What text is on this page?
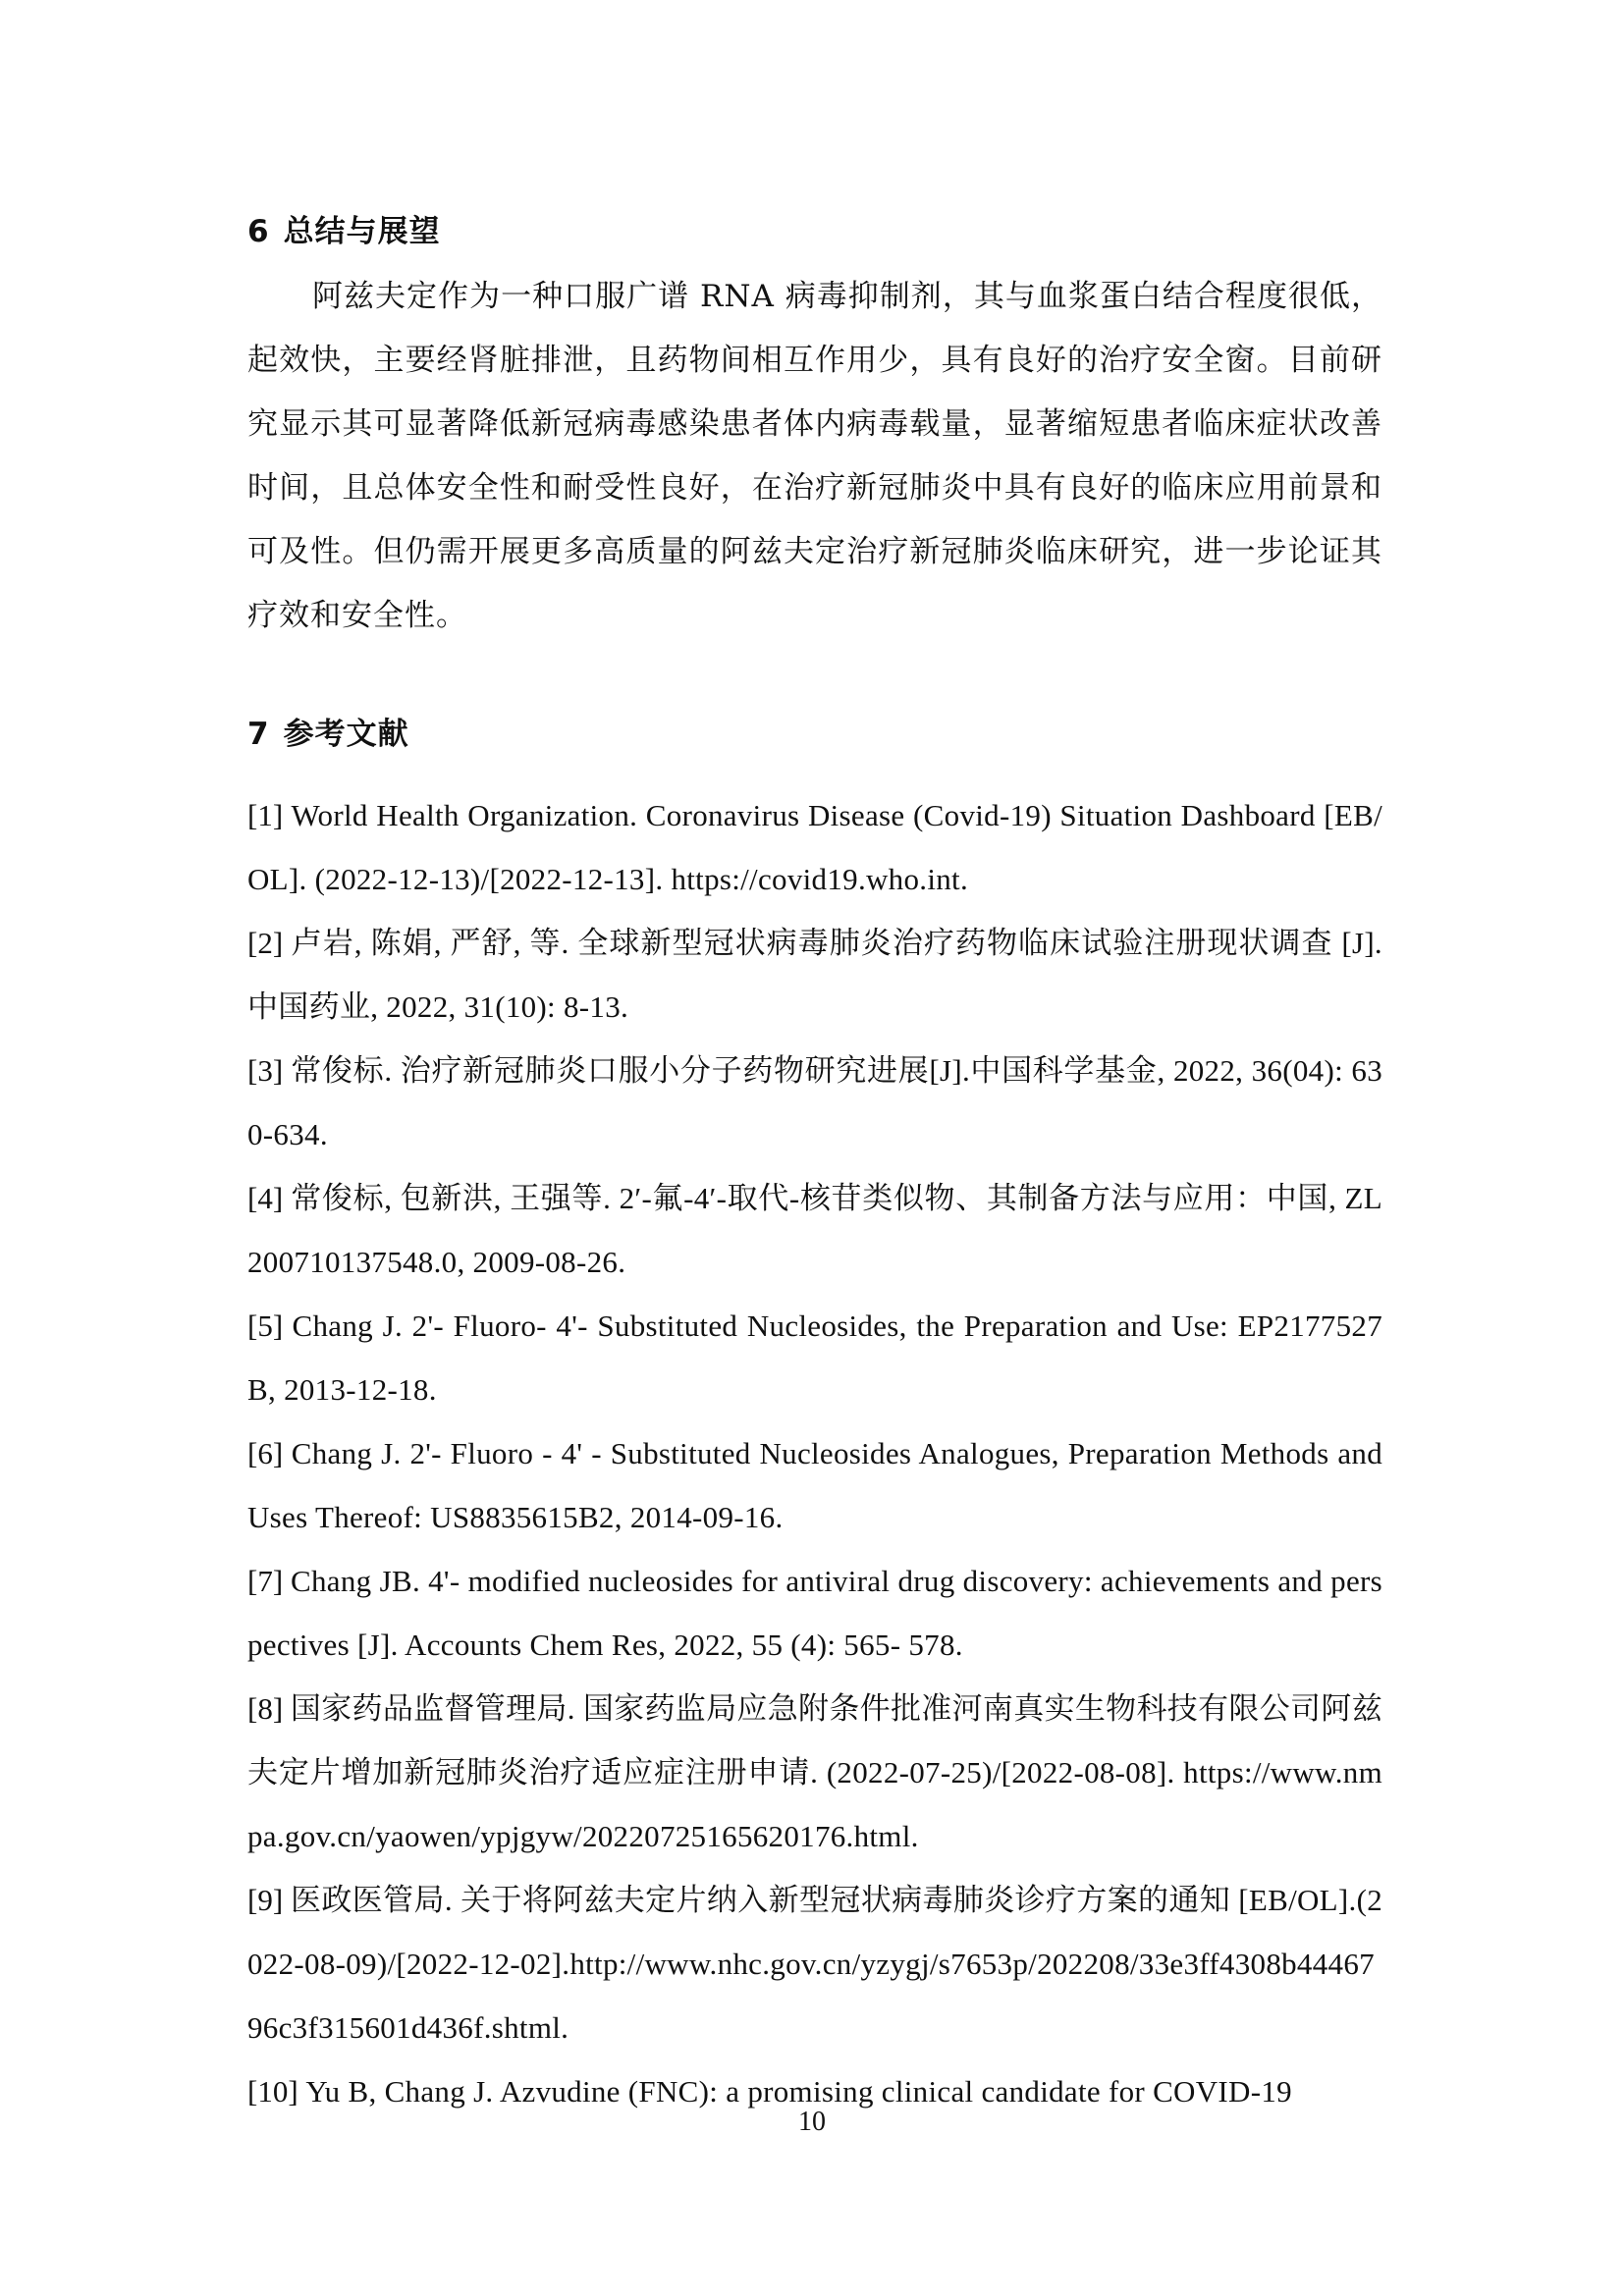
6 总结与展望

阿兹夫定作为一种口服广谱 RNA 病毒抑制剂，其与血浆蛋白结合程度很低，起效快，主要经肾脏排泄，且药物间相互作用少，具有良好的治疗安全窗。目前研究显示其可显著降低新冠病毒感染患者体内病毒载量，显著缩短患者临床症状改善时间，且总体安全性和耐受性良好，在治疗新冠肺炎中具有良好的临床应用前景和可及性。但仍需开展更多高质量的阿兹夫定治疗新冠肺炎临床研究，进一步论证其疗效和安全性。

7 参考文献

[1] World Health Organization. Coronavirus Disease (Covid-19) Situation Dashboard [EB/OL]. (2022-12-13)/[2022-12-13]. https://covid19.who.int.

[2] 卢岩, 陈娟, 严舒, 等. 全球新型冠状病毒肺炎治疗药物临床试验注册现状调查 [J]. 中国药业, 2022, 31(10): 8-13.

[3] 常俊标. 治疗新冠肺炎口服小分子药物研究进展[J].中国科学基金, 2022, 36(04): 630-634.

[4] 常俊标, 包新洪, 王强等. 2′-氟-4′-取代-核苷类似物、其制备方法与应用：中国, ZL200710137548.0, 2009-08-26.

[5] Chang J. 2'- Fluoro- 4'- Substituted Nucleosides, the Preparation and Use: EP2177527B, 2013-12-18.

[6] Chang J. 2'- Fluoro - 4' - Substituted Nucleosides Analogues, Preparation Methods and Uses Thereof: US8835615B2, 2014-09-16.

[7] Chang JB. 4'- modified nucleosides for antiviral drug discovery: achievements and perspectives [J]. Accounts Chem Res, 2022, 55 (4): 565- 578.

[8] 国家药品监督管理局. 国家药监局应急附条件批准河南真实生物科技有限公司阿兹夫定片增加新冠肺炎治疗适应症注册申请. (2022-07-25)/[2022-08-08]. https://www.nmpa.gov.cn/yaowen/ypjgyw/20220725165620176.html.

[9] 医政医管局. 关于将阿兹夫定片纳入新型冠状病毒肺炎诊疗方案的通知 [EB/OL].(2022-08-09)/[2022-12-02].http://www.nhc.gov.cn/yzygj/s7653p/202208/33e3ff4308b4446796c3f315601d436f.shtml.

[10] Yu B, Chang J. Azvudine (FNC): a promising clinical candidate for COVID-19

10
